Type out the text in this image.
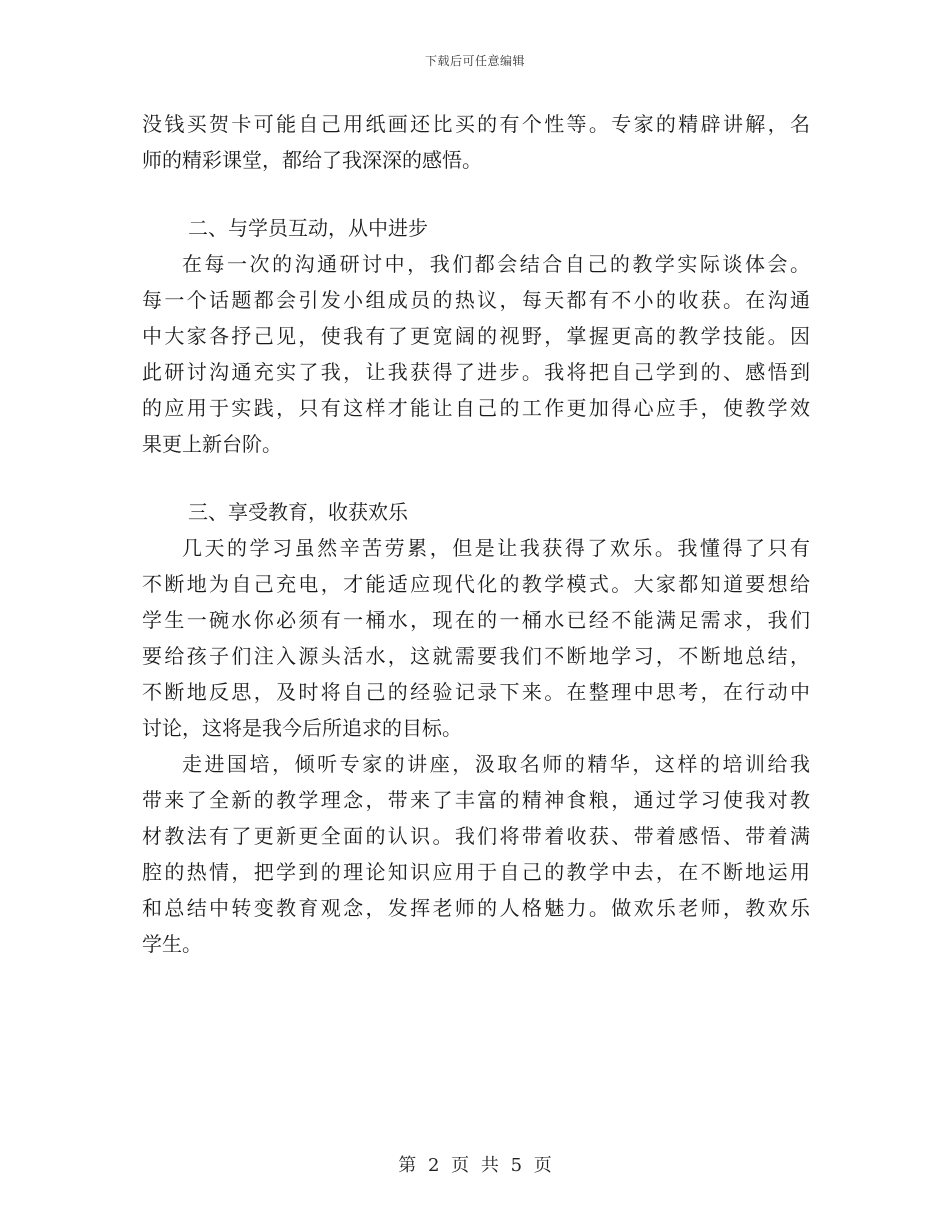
下载后可任意编辑
没钱买贺卡可能自己用纸画还比买的有个性等。专家的精辟讲解，名
师的精彩课堂，都给了我深深的感悟。
二、与学员互动，从中进步
在每一次的沟通研讨中，我们都会结合自己的教学实际谈体会。
每一个话题都会引发小组成员的热议，每天都有不小的收获。在沟通
中大家各抒己见，使我有了更宽阔的视野，掌握更高的教学技能。因
此研讨沟通充实了我，让我获得了进步。我将把自己学到的、感悟到
的应用于实践，只有这样才能让自己的工作更加得心应手，使教学效
果更上新台阶。
三、享受教育，收获欢乐
几天的学习虽然辛苦劳累，但是让我获得了欢乐。我懂得了只有
不断地为自己充电，才能适应现代化的教学模式。大家都知道要想给
学生一碗水你必须有一桶水，现在的一桶水已经不能满足需求，我们
要给孩子们注入源头活水，这就需要我们不断地学习，不断地总结，
不断地反思，及时将自己的经验记录下来。在整理中思考，在行动中
讨论，这将是我今后所追求的目标。
走进国培，倾听专家的讲座，汲取名师的精华，这样的培训给我
带来了全新的教学理念，带来了丰富的精神食粮，通过学习使我对教
材教法有了更新更全面的认识。我们将带着收获、带着感悟、带着满
腔的热情，把学到的理论知识应用于自己的教学中去，在不断地运用
和总结中转变教育观念，发挥老师的人格魅力。做欢乐老师，教欢乐
学生。
第 2 页 共 5 页
